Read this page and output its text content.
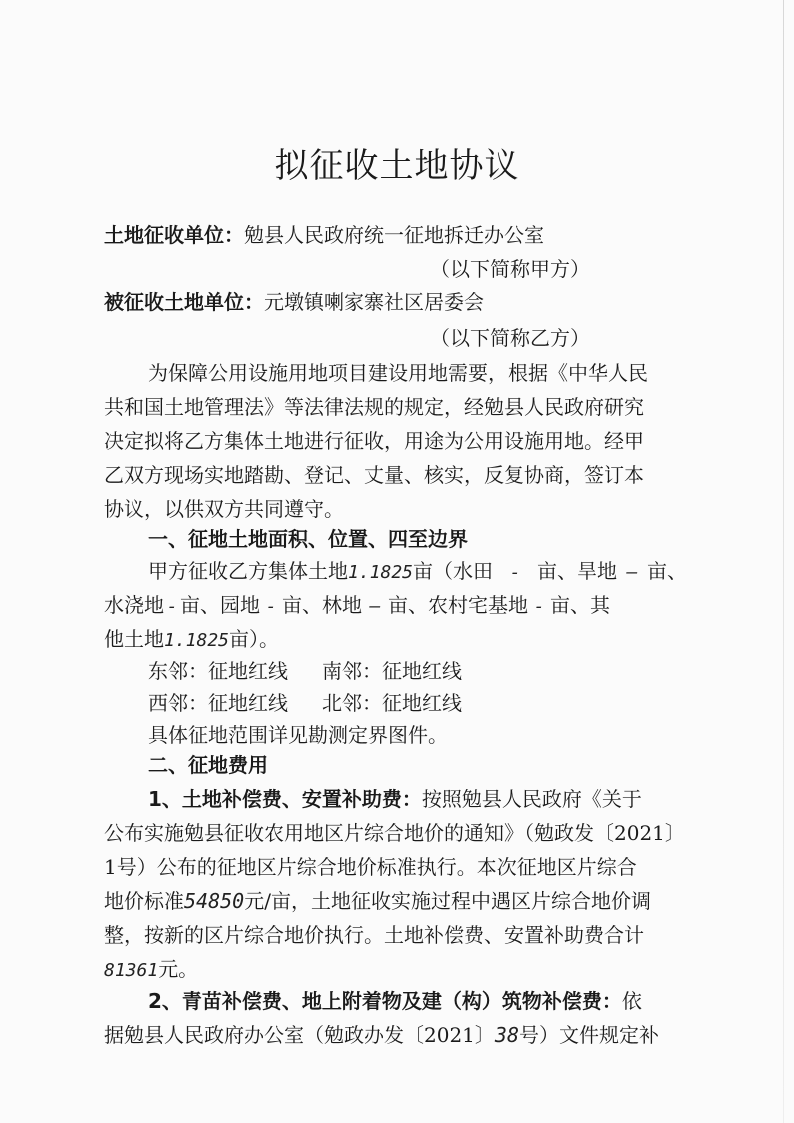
拟征收土地协议
土地征收单位：勉县人民政府统一征地拆迁办公室
（以下简称甲方）
被征收土地单位：元墩镇喇家寨社区居委会
（以下简称乙方）
为保障公用设施用地项目建设用地需要，根据《中华人民
共和国土地管理法》等法律法规的规定，经勉县人民政府研究
决定拟将乙方集体土地进行征收，用途为公用设施用地。经甲
乙双方现场实地踏勘、登记、丈量、核实，反复协商，签订本
协议，以供双方共同遵守。
一、征地土地面积、位置、四至边界
甲方征收乙方集体土地1.1825亩（水田 - 亩、旱地 — 亩、
水浇地 - 亩、园地 - 亩、林地 — 亩、农村宅基地 - 亩、其
他土地1.1825亩）。
东邻：征地红线 南邻：征地红线
西邻：征地红线 北邻：征地红线
具体征地范围详见勘测定界图件。
二、征地费用
1、土地补偿费、安置补助费：按照勉县人民政府《关于
公布实施勉县征收农用地区片综合地价的通知》（勉政发〔2021〕
1号）公布的征地区片综合地价标准执行。本次征地区片综合
地价标准54850元/亩，土地征收实施过程中遇区片综合地价调
整，按新的区片综合地价执行。土地补偿费、安置补助费合计
81361元。
2、青苗补偿费、地上附着物及建（构）筑物补偿费：依
据勉县人民政府办公室（勉政办发〔2021〕38号）文件规定补
